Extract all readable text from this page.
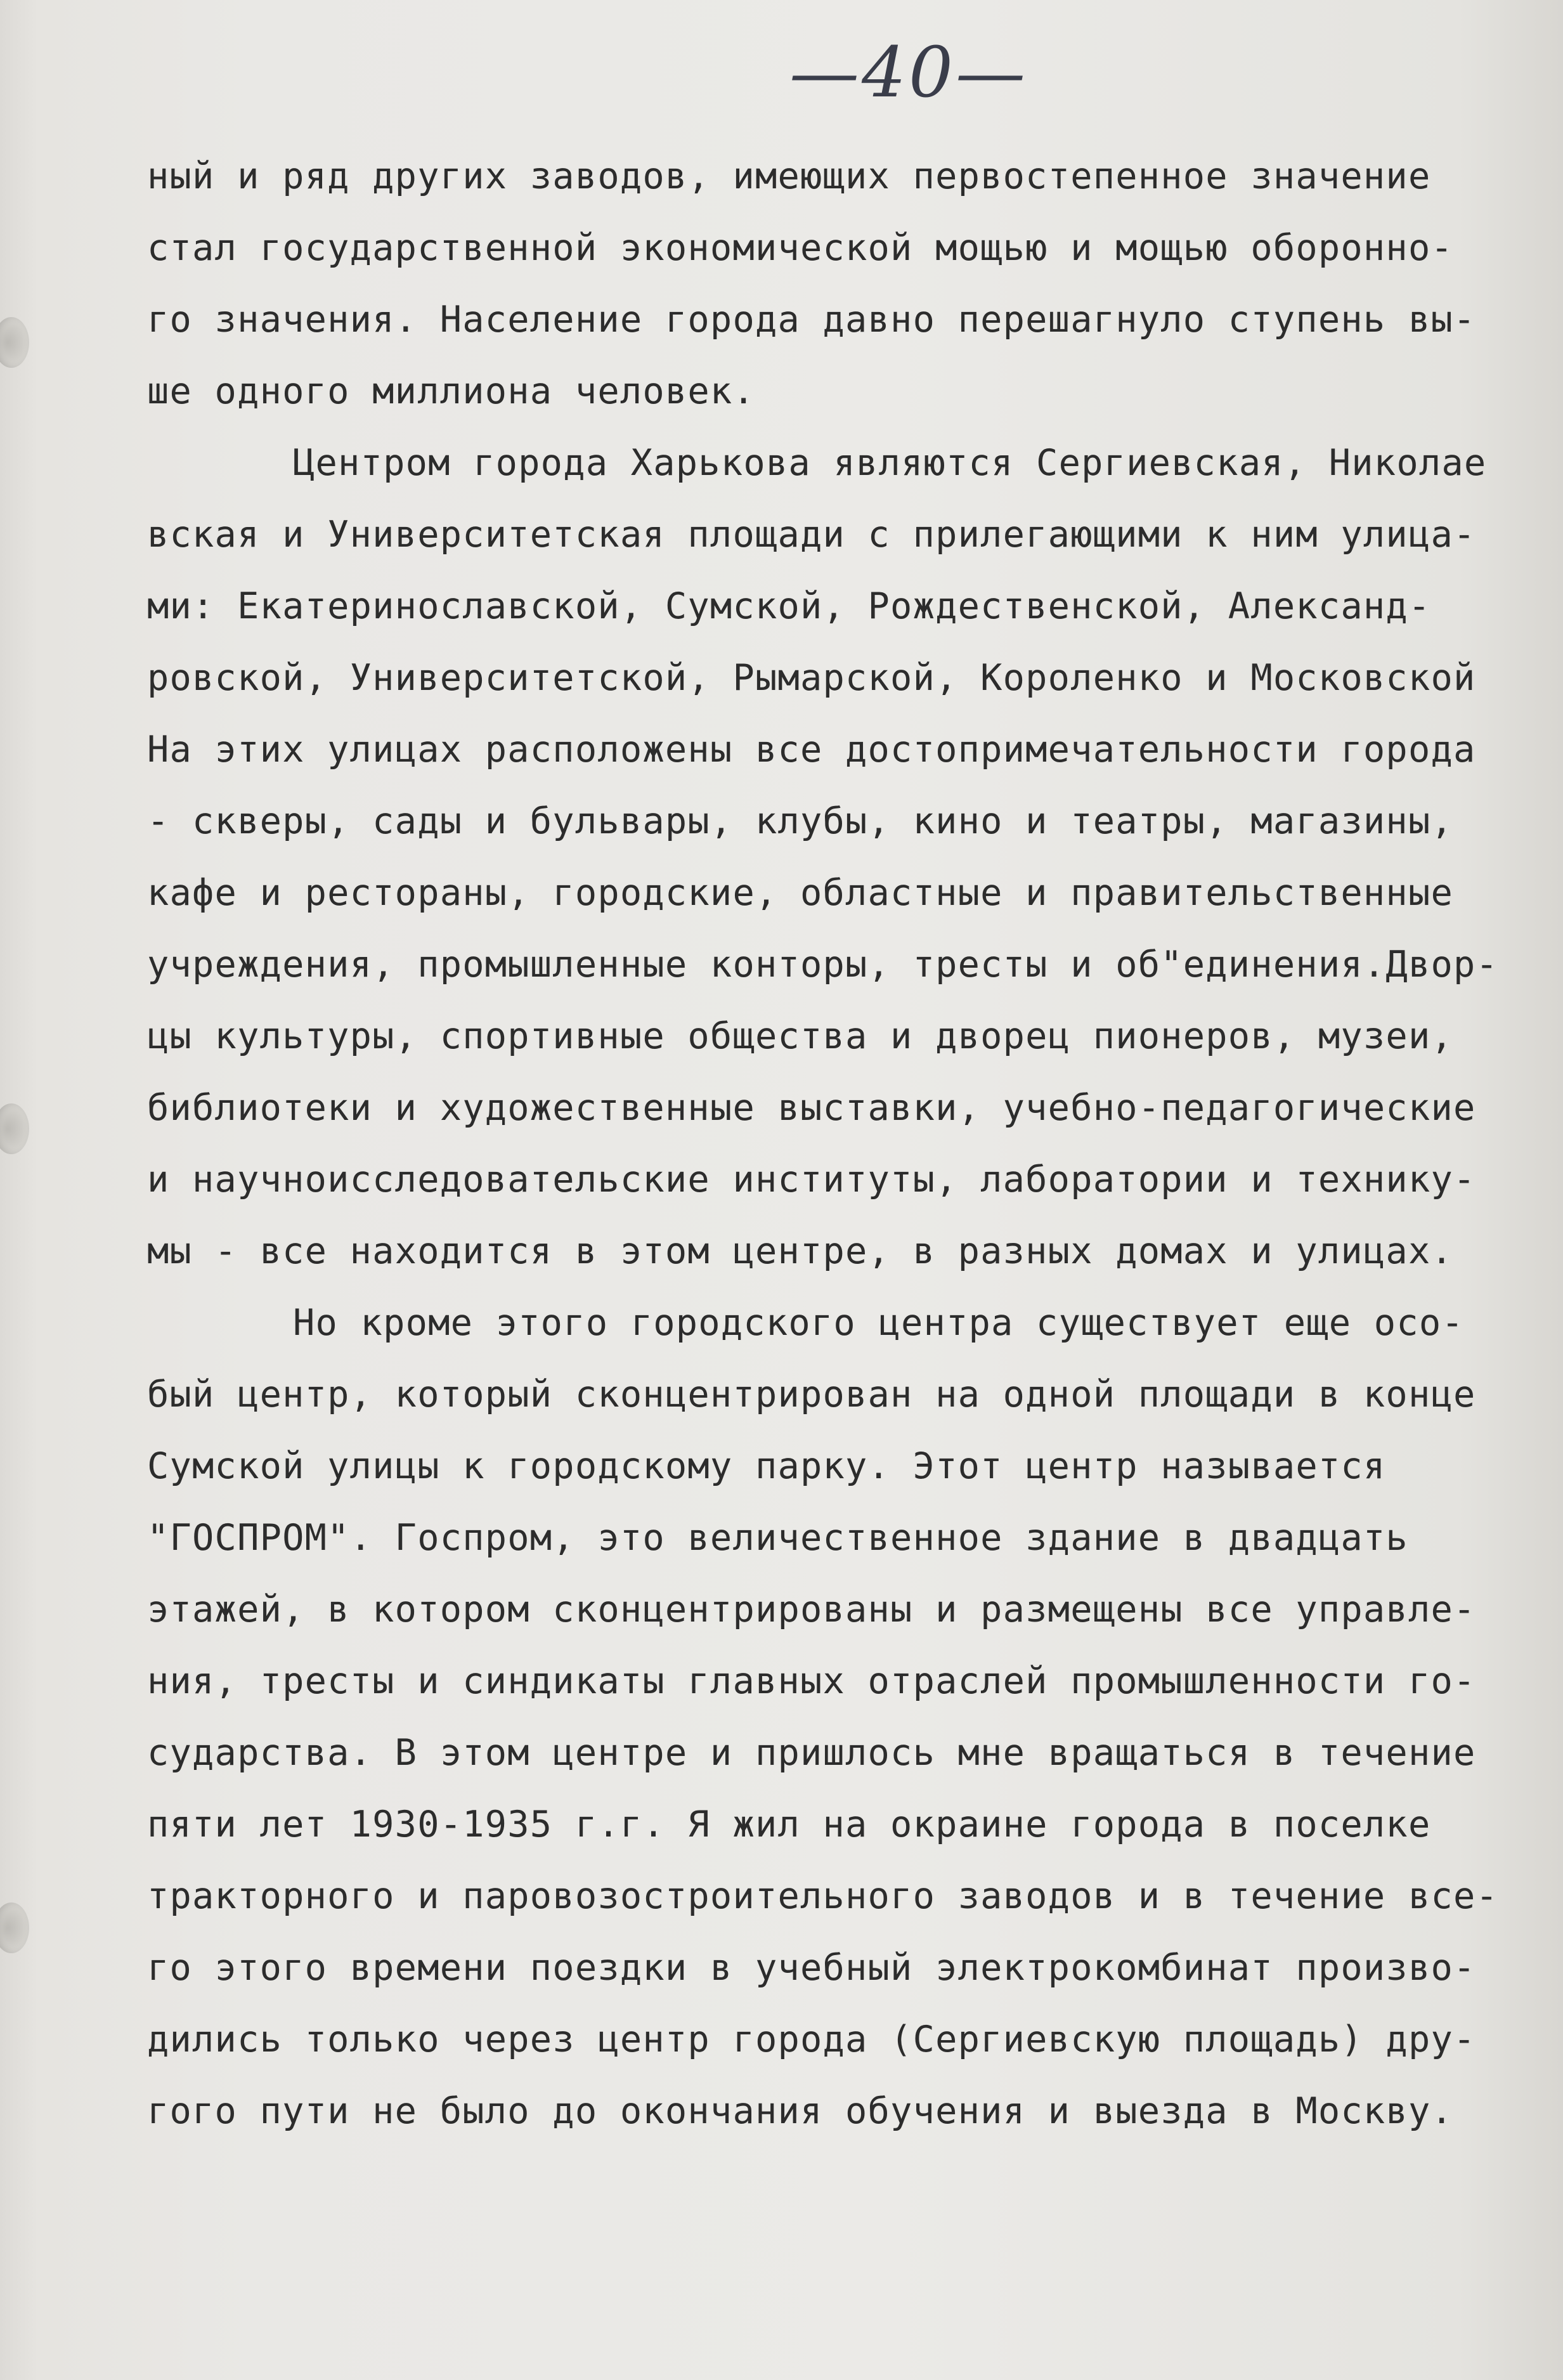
—40—
ный и ряд других заводов, имеющих первостепенное значение
стал государственной экономической мощью и мощью оборонно-
го значения. Население города давно перешагнуло ступень вы-
ше одного миллиона человек.
Центром города Харькова являются Сергиевская, Николае
вская и Университетская площади с прилегающими к ним улица-
ми: Екатеринославской, Сумской, Рождественской, Александ-
ровской, Университетской, Рымарской, Короленко и Московской
На этих улицах расположены все достопримечательности города
- скверы, сады и бульвары, клубы, кино и театры, магазины,
кафе и рестораны, городские, областные и правительственные
учреждения, промышленные конторы, тресты и об"единения.Двор-
цы культуры, спортивные общества и дворец пионеров, музеи,
библиотеки и художественные выставки, учебно-педагогические
и научноисследовательские институты, лаборатории и технику-
мы - все находится в этом центре, в разных домах и улицах.
Но кроме этого городского центра существует еще осо-
бый центр, который сконцентрирован на одной площади в конце
Сумской улицы к городскому парку. Этот центр называется
"ГОСПРОМ". Госпром, это величественное здание в двадцать
этажей, в котором сконцентрированы и размещены все управле-
ния, тресты и синдикаты главных отраслей промышленности го-
сударства. В этом центре и пришлось мне вращаться в течение
пяти лет 1930-1935 г.г. Я жил на окраине города в поселке
тракторного и паровозостроительного заводов и в течение все-
го этого времени поездки в учебный электрокомбинат произво-
дились только через центр города (Сергиевскую площадь) дру-
гого пути не было до окончания обучения и выезда в Москву.
